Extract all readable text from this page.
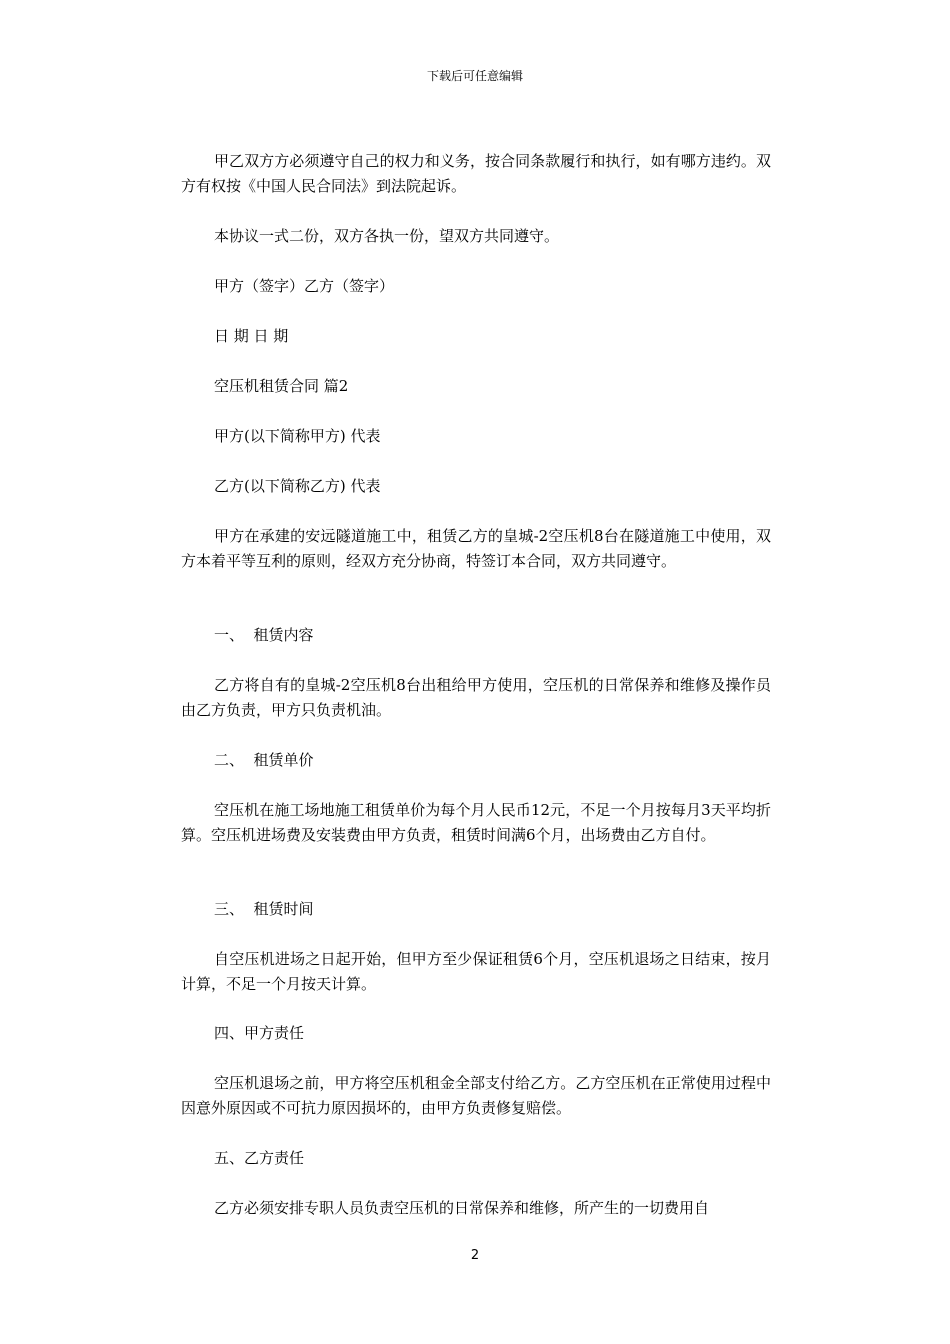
下载后可任意编辑

甲乙双方方必须遵守自己的权力和义务，按合同条款履行和执行，如有哪方违约。双方有权按《中国人民合同法》到法院起诉。

本协议一式二份，双方各执一份，望双方共同遵守。

甲方（签字）乙方（签字）

日 期 日 期

空压机租赁合同 篇2

甲方(以下简称甲方) 代表

乙方(以下简称乙方) 代表

甲方在承建的安远隧道施工中，租赁乙方的皇城-2空压机8台在隧道施工中使用，双方本着平等互利的原则，经双方充分协商，特签订本合同，双方共同遵守。

一、  租赁内容

乙方将自有的皇城-2空压机8台出租给甲方使用，空压机的日常保养和维修及操作员由乙方负责，甲方只负责机油。

二、  租赁单价

空压机在施工场地施工租赁单价为每个月人民币12元，不足一个月按每月3天平均折算。空压机进场费及安装费由甲方负责，租赁时间满6个月，出场费由乙方自付。

三、  租赁时间

自空压机进场之日起开始，但甲方至少保证租赁6个月，空压机退场之日结束，按月计算，不足一个月按天计算。

四、甲方责任

空压机退场之前，甲方将空压机租金全部支付给乙方。乙方空压机在正常使用过程中因意外原因或不可抗力原因损坏的，由甲方负责修复赔偿。

五、乙方责任

乙方必须安排专职人员负责空压机的日常保养和维修，所产生的一切费用自

2
